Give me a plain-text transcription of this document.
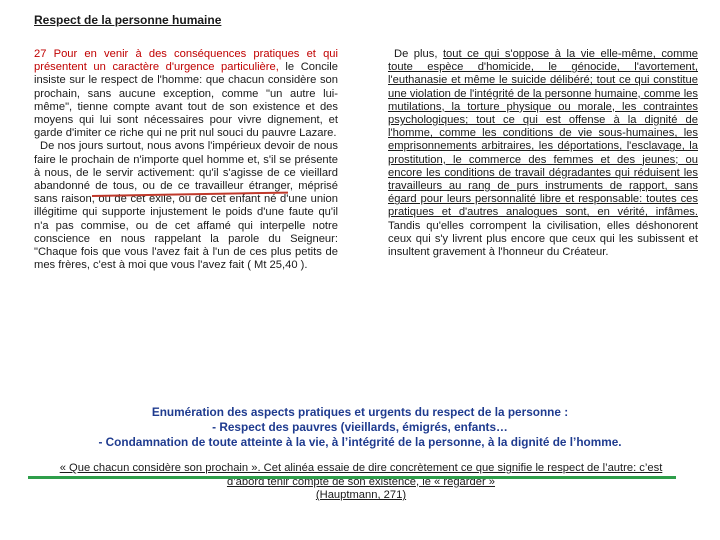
Respect de la personne humaine

27 Pour en venir à des conséquences pratiques et qui présentent un caractère d'urgence particulière, le Concile insiste sur le respect de l'homme: que chacun considère son prochain, sans aucune exception, comme "un autre lui-même", tienne compte avant tout de son existence et des moyens qui lui sont nécessaires pour vivre dignement, et garde d'imiter ce riche qui ne prit nul souci du pauvre Lazare.

De nos jours surtout, nous avons l'impérieux devoir de nous faire le prochain de n'importe quel homme et, s'il se présente à nous, de le servir activement: qu'il s'agisse de ce vieillard abandonné de tous, ou de ce travailleur étranger, méprisé sans raison, ou de cet exilé, ou de cet enfant né d'une union illégitime qui supporte injustement le poids d'une faute qu'il n'a pas commise, ou de cet affamé qui interpelle notre conscience en nous rappelant la parole du Seigneur: "Chaque fois que vous l'avez fait à l'un de ces plus petits de mes frères, c'est à moi que vous l'avez fait ( Mt 25,40 ).

De plus, tout ce qui s'oppose à la vie elle-même, comme toute espèce d'homicide, le génocide, l'avortement, l'euthanasie et même le suicide délibéré; tout ce qui constitue une violation de l'intégrité de la personne humaine, comme les mutilations, la torture physique ou morale, les contraintes psychologiques; tout ce qui est offense à la dignité de l'homme, comme les conditions de vie sous-humaines, les emprisonnements arbitraires, les déportations, l'esclavage, la prostitution, le commerce des femmes et des jeunes; ou encore les conditions de travail dégradantes qui réduisent les travailleurs au rang de purs instruments de rapport, sans égard pour leurs personnalité libre et responsable: toutes ces pratiques et d'autres analogues sont, en vérité, infâmes. Tandis qu'elles corrompent la civilisation, elles déshonorent ceux qui s'y livrent plus encore que ceux qui les subissent et insultent gravement à l'honneur du Créateur.

Enumération des aspects pratiques et urgents du respect de la personne :
- Respect des pauvres (vieillards, émigrés, enfants…
- Condamnation de toute atteinte à la vie, à l’intégrité de la personne, à la dignité de l’homme.
« Que chacun considère son prochain ». Cet alinéa essaie de dire concrètement ce que signifie le respect de l’autre: c’est
d’abord tenir compte de son existence, le « regarder »
(Hauptmann, 271)
